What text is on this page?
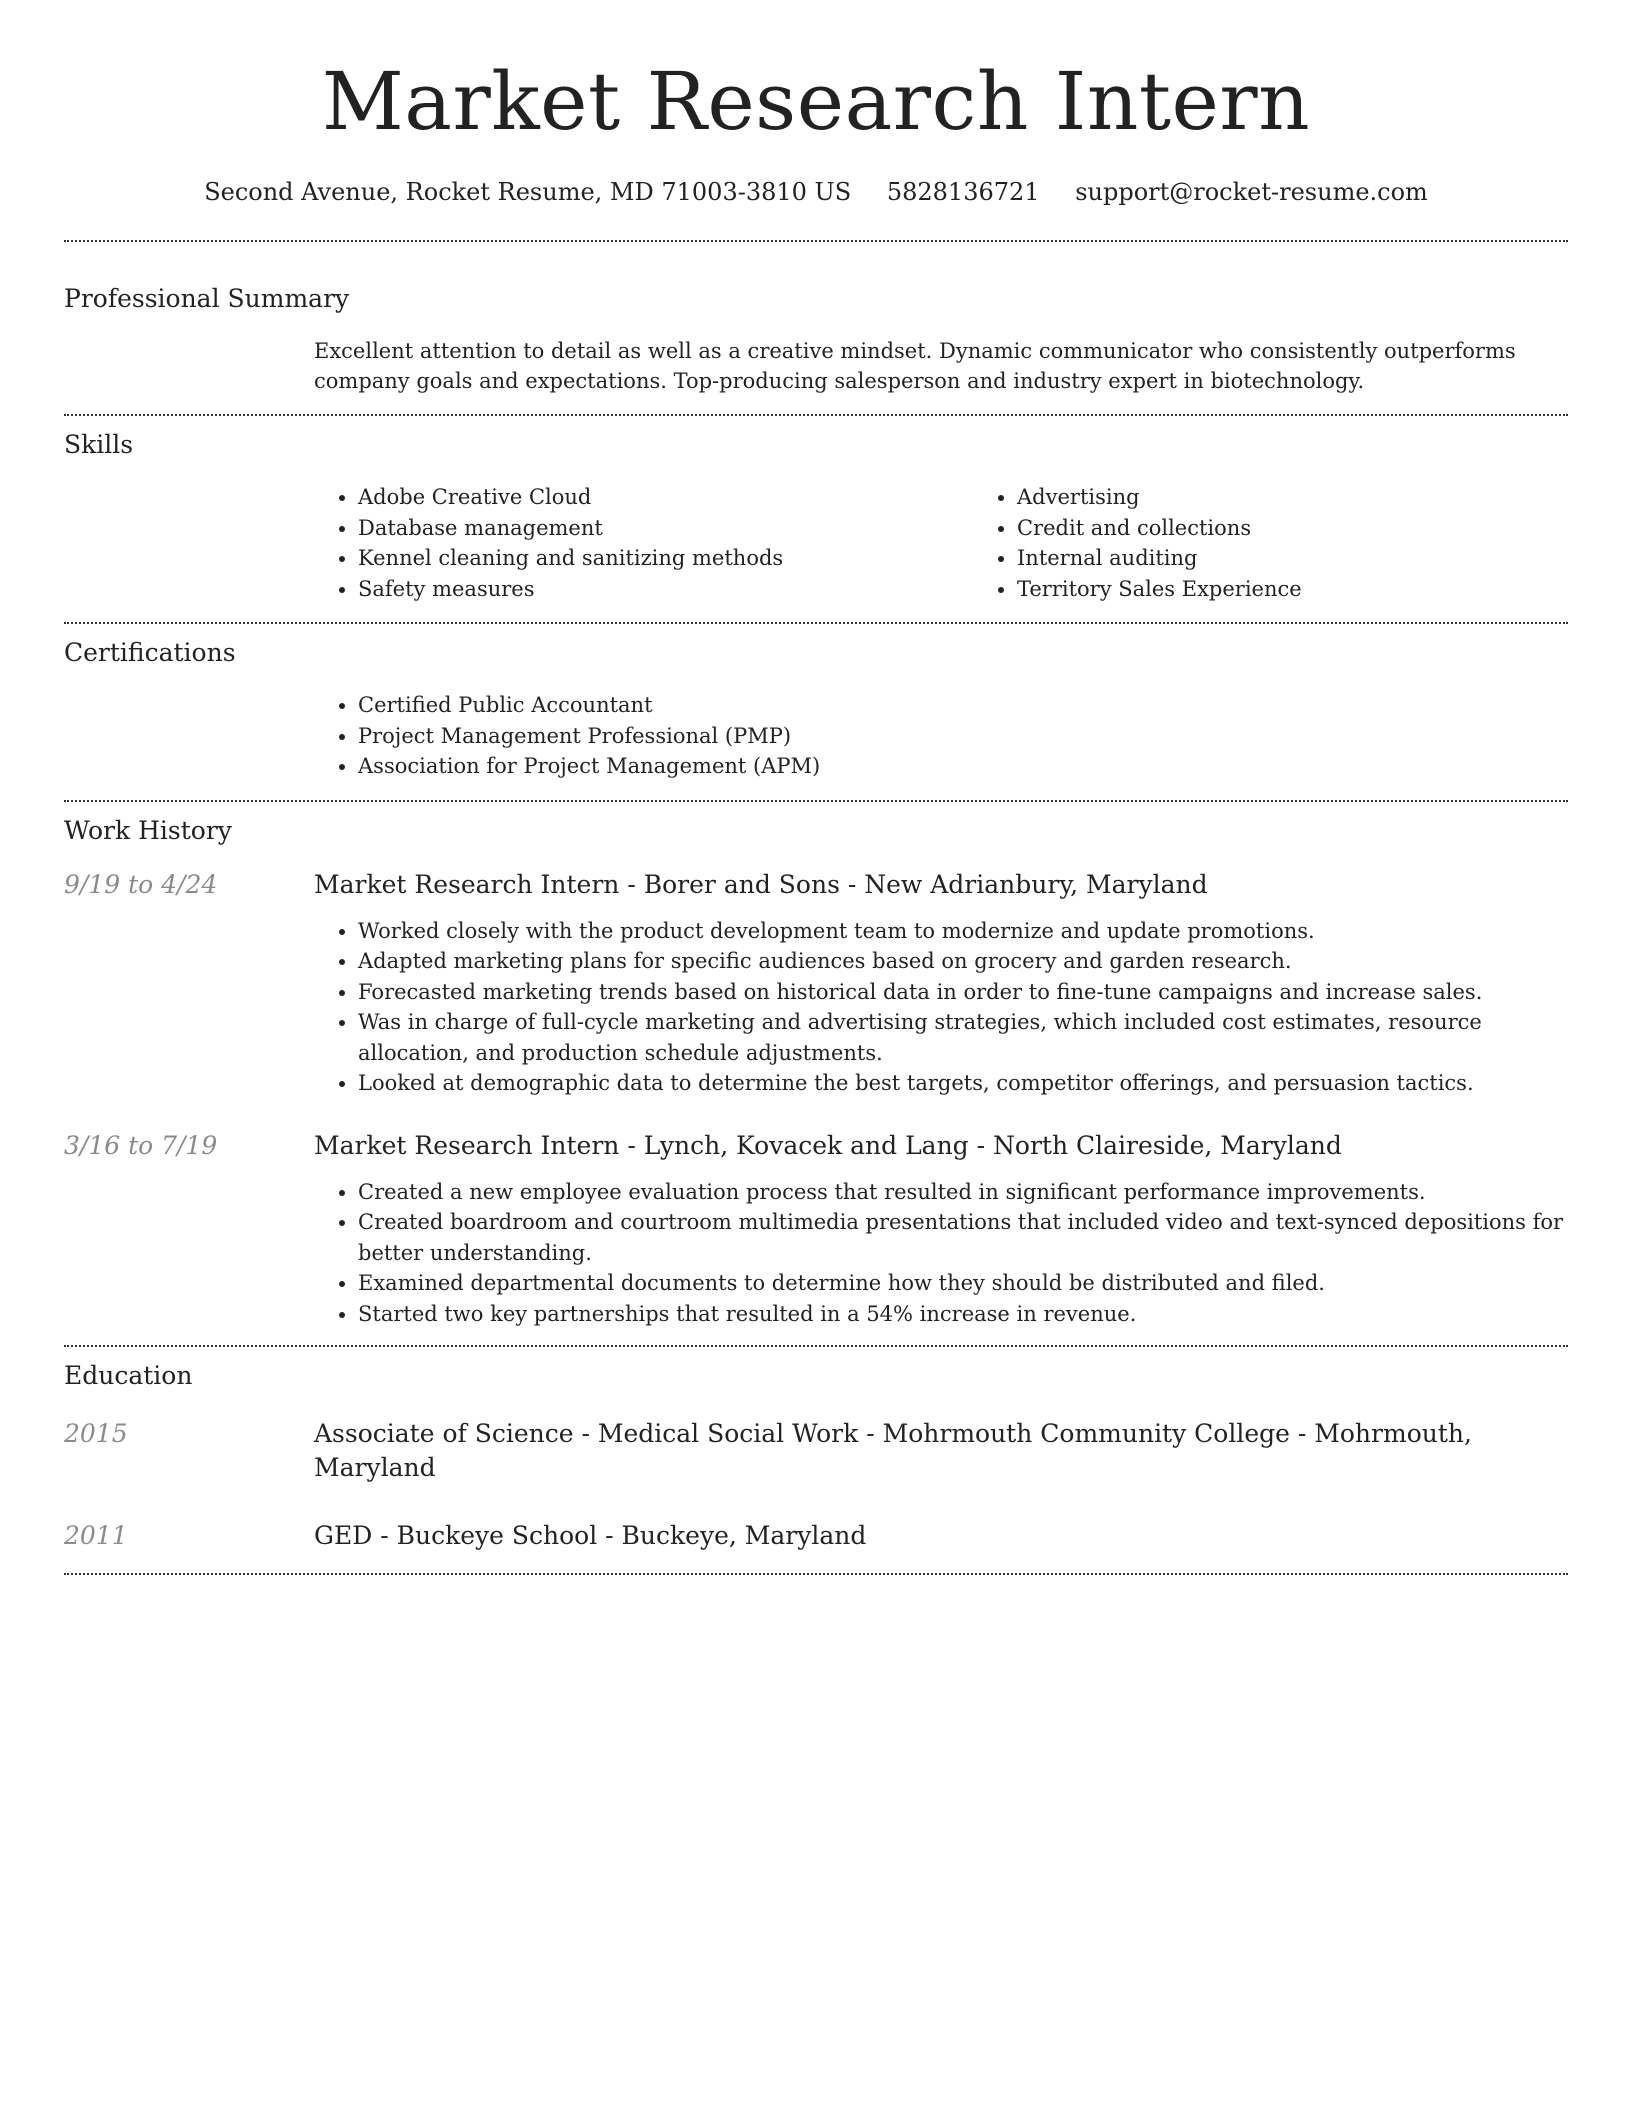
Market Research Intern
Second Avenue, Rocket Resume, MD 71003-3810 US 5828136721 support@rocket-resume.com
Professional Summary

Excellent attention to detail as well as a creative mindset. Dynamic communicator who consistently outperforms company goals and expectations. Top-producing salesperson and industry expert in biotechnology.

Skills
• Adobe Creative Cloud
• Database management
• Kennel cleaning and sanitizing methods
• Safety measures
• Advertising
• Credit and collections
• Internal auditing
• Territory Sales Experience
Certifications
• Certified Public Accountant
• Project Management Professional (PMP)
• Association for Project Management (APM)
Work History
9/19 to 4/24	Market Research Intern - Borer and Sons - New Adrianbury, Maryland

• Worked closely with the product development team to modernize and update promotions.
• Adapted marketing plans for specific audiences based on grocery and garden research.
• Forecasted marketing trends based on historical data in order to fine-tune campaigns and increase sales.
• Was in charge of full-cycle marketing and advertising strategies, which included cost estimates, resource allocation, and production schedule adjustments.
• Looked at demographic data to determine the best targets, competitor offerings, and persuasion tactics.
3/16 to 7/19	Market Research Intern - Lynch, Kovacek and Lang - North Claireside, Maryland

• Created a new employee evaluation process that resulted in significant performance improvements.
• Created boardroom and courtroom multimedia presentations that included video and text-synced depositions for better understanding.
• Examined departmental documents to determine how they should be distributed and filed.
• Started two key partnerships that resulted in a 54% increase in revenue.
Education
2015	Associate of Science - Medical Social Work - Mohrmouth Community College - Mohrmouth, Maryland

2011	GED - Buckeye School - Buckeye, Maryland
